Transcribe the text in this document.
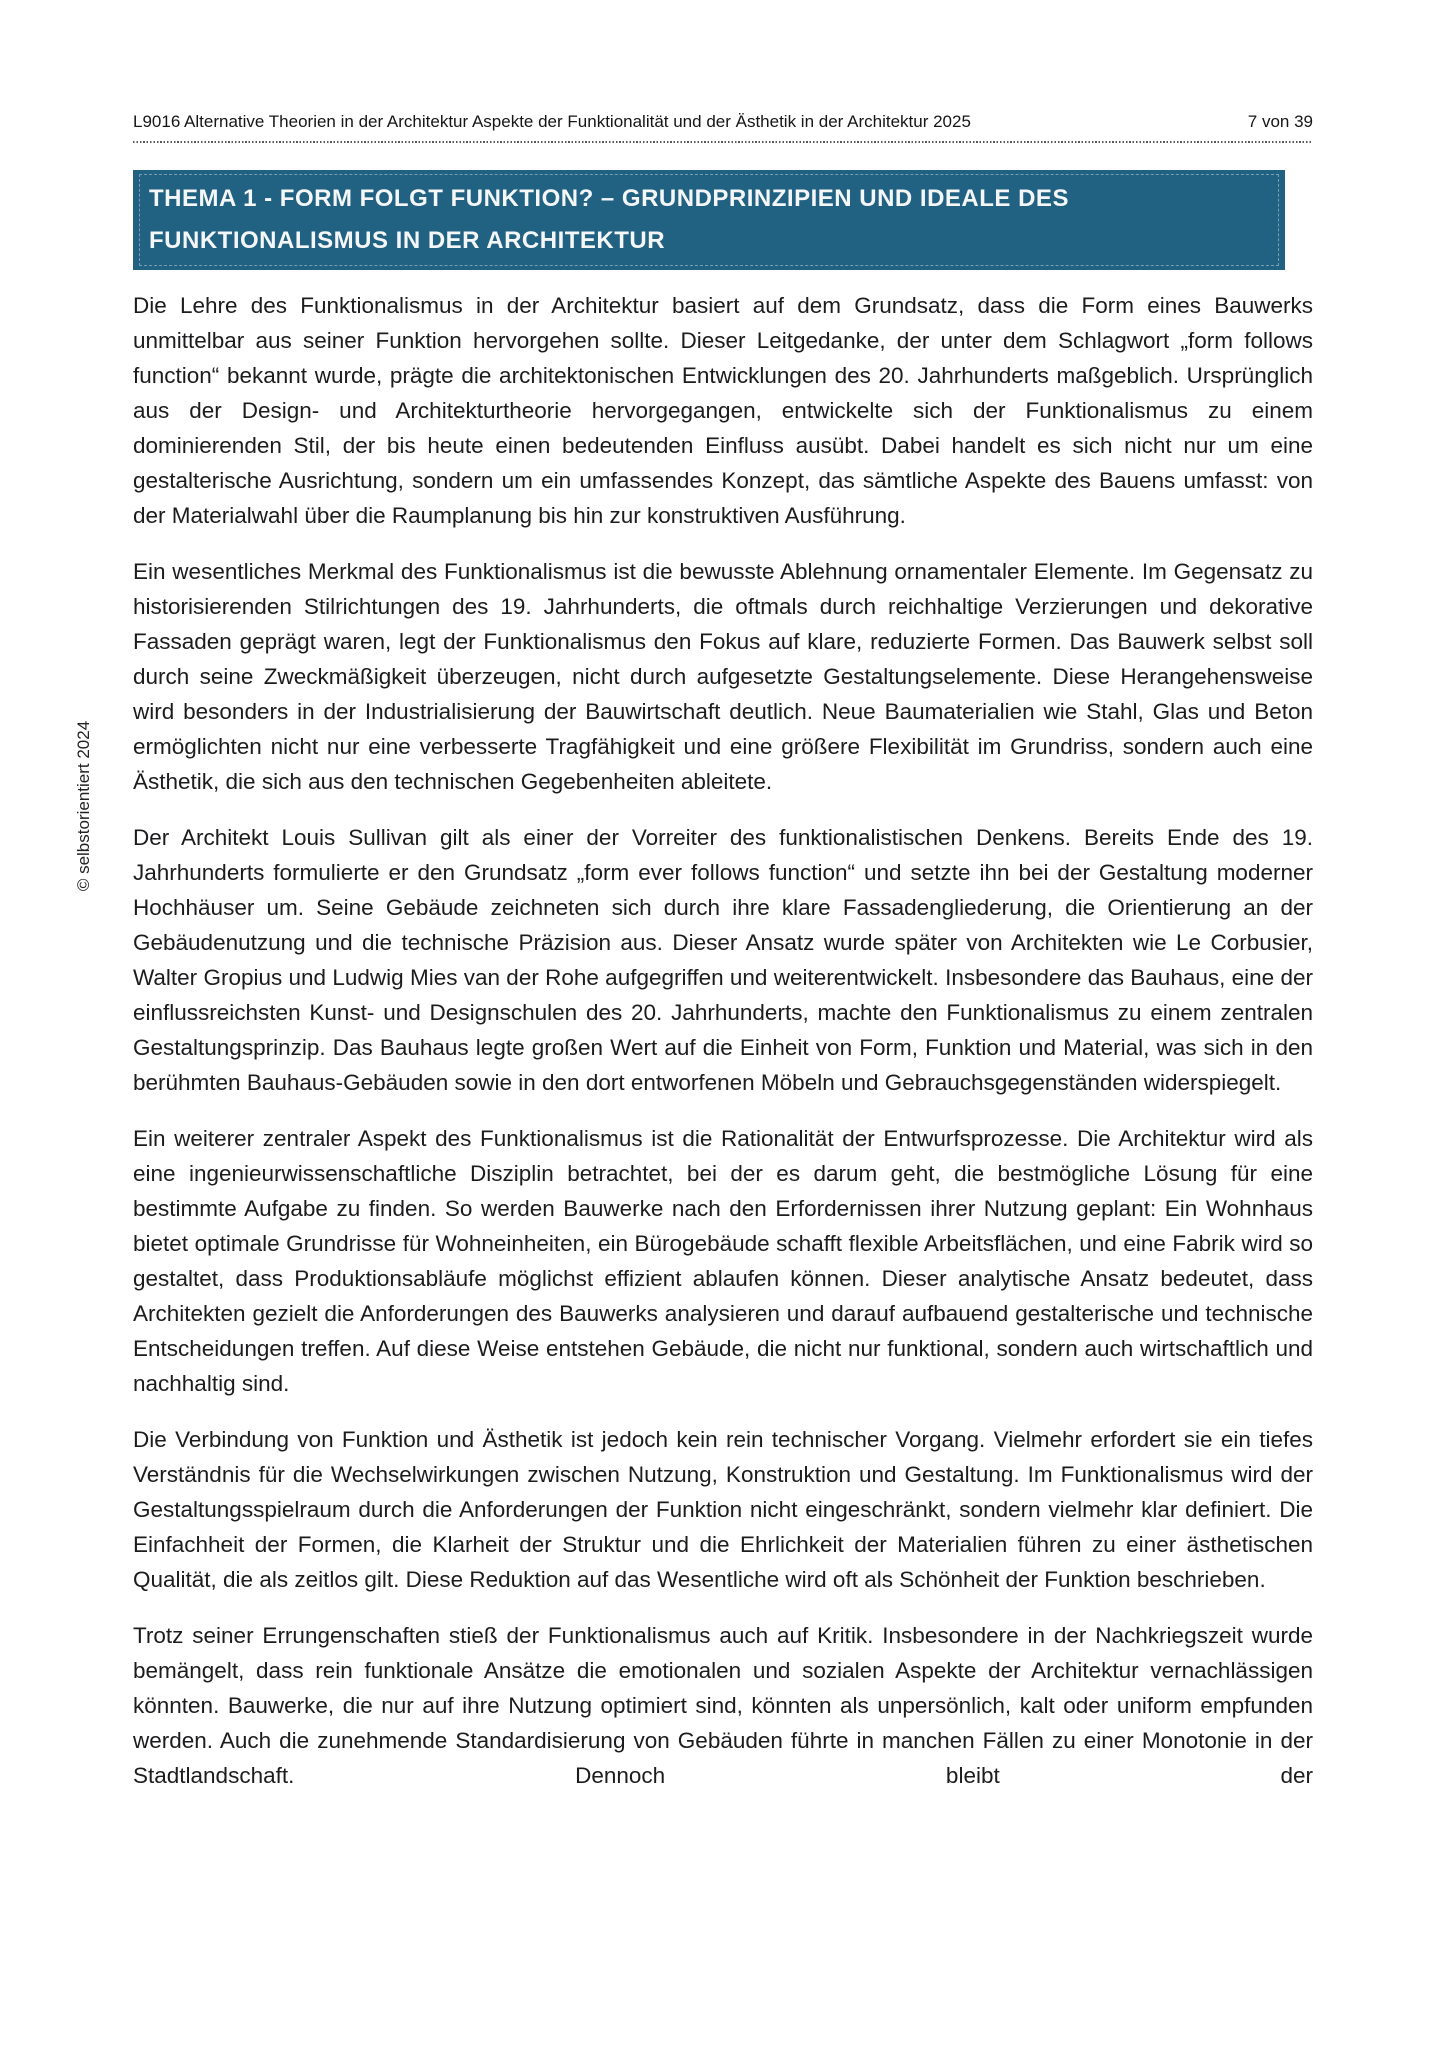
© selbstorientiert 2024
L9016 Alternative Theorien in der Architektur Aspekte der Funktionalität und der Ästhetik in der Architektur 2025	7 von 39
THEMA 1 - FORM FOLGT FUNKTION? – GRUNDPRINZIPIEN UND IDEALE DES FUNKTIONALISMUS IN DER ARCHITEKTUR

Die Lehre des Funktionalismus in der Architektur basiert auf dem Grundsatz, dass die Form eines Bauwerks unmittelbar aus seiner Funktion hervorgehen sollte. Dieser Leitgedanke, der unter dem Schlagwort „form follows function“ bekannt wurde, prägte die architektonischen Entwicklungen des 20. Jahrhunderts maßgeblich. Ursprünglich aus der Design- und Architekturtheorie hervorgegangen, entwickelte sich der Funktionalismus zu einem dominierenden Stil, der bis heute einen bedeutenden Einfluss ausübt. Dabei handelt es sich nicht nur um eine gestalterische Ausrichtung, sondern um ein umfassendes Konzept, das sämtliche Aspekte des Bauens umfasst: von der Materialwahl über die Raumplanung bis hin zur konstruktiven Ausführung.

Ein wesentliches Merkmal des Funktionalismus ist die bewusste Ablehnung ornamentaler Elemente. Im Gegensatz zu historisierenden Stilrichtungen des 19. Jahrhunderts, die oftmals durch reichhaltige Verzierungen und dekorative Fassaden geprägt waren, legt der Funktionalismus den Fokus auf klare, reduzierte Formen. Das Bauwerk selbst soll durch seine Zweckmäßigkeit überzeugen, nicht durch aufgesetzte Gestaltungselemente. Diese Herangehensweise wird besonders in der Industrialisierung der Bauwirtschaft deutlich. Neue Baumaterialien wie Stahl, Glas und Beton ermöglichten nicht nur eine verbesserte Tragfähigkeit und eine größere Flexibilität im Grundriss, sondern auch eine Ästhetik, die sich aus den technischen Gegebenheiten ableitete.

Der Architekt Louis Sullivan gilt als einer der Vorreiter des funktionalistischen Denkens. Bereits Ende des 19. Jahrhunderts formulierte er den Grundsatz „form ever follows function“ und setzte ihn bei der Gestaltung moderner Hochhäuser um. Seine Gebäude zeichneten sich durch ihre klare Fassadengliederung, die Orientierung an der Gebäudenutzung und die technische Präzision aus. Dieser Ansatz wurde später von Architekten wie Le Corbusier, Walter Gropius und Ludwig Mies van der Rohe aufgegriffen und weiterentwickelt. Insbesondere das Bauhaus, eine der einflussreichsten Kunst- und Designschulen des 20. Jahrhunderts, machte den Funktionalismus zu einem zentralen Gestaltungsprinzip. Das Bauhaus legte großen Wert auf die Einheit von Form, Funktion und Material, was sich in den berühmten Bauhaus-Gebäuden sowie in den dort entworfenen Möbeln und Gebrauchsgegenständen widerspiegelt.

Ein weiterer zentraler Aspekt des Funktionalismus ist die Rationalität der Entwurfsprozesse. Die Architektur wird als eine ingenieurwissenschaftliche Disziplin betrachtet, bei der es darum geht, die bestmögliche Lösung für eine bestimmte Aufgabe zu finden. So werden Bauwerke nach den Erfordernissen ihrer Nutzung geplant: Ein Wohnhaus bietet optimale Grundrisse für Wohneinheiten, ein Bürogebäude schafft flexible Arbeitsflächen, und eine Fabrik wird so gestaltet, dass Produktionsabläufe möglichst effizient ablaufen können. Dieser analytische Ansatz bedeutet, dass Architekten gezielt die Anforderungen des Bauwerks analysieren und darauf aufbauend gestalterische und technische Entscheidungen treffen. Auf diese Weise entstehen Gebäude, die nicht nur funktional, sondern auch wirtschaftlich und nachhaltig sind.

Die Verbindung von Funktion und Ästhetik ist jedoch kein rein technischer Vorgang. Vielmehr erfordert sie ein tiefes Verständnis für die Wechselwirkungen zwischen Nutzung, Konstruktion und Gestaltung. Im Funktionalismus wird der Gestaltungsspielraum durch die Anforderungen der Funktion nicht eingeschränkt, sondern vielmehr klar definiert. Die Einfachheit der Formen, die Klarheit der Struktur und die Ehrlichkeit der Materialien führen zu einer ästhetischen Qualität, die als zeitlos gilt. Diese Reduktion auf das Wesentliche wird oft als Schönheit der Funktion beschrieben.

Trotz seiner Errungenschaften stieß der Funktionalismus auch auf Kritik. Insbesondere in der Nachkriegszeit wurde bemängelt, dass rein funktionale Ansätze die emotionalen und sozialen Aspekte der Architektur vernachlässigen könnten. Bauwerke, die nur auf ihre Nutzung optimiert sind, könnten als unpersönlich, kalt oder uniform empfunden werden. Auch die zunehmende Standardisierung von Gebäuden führte in manchen Fällen zu einer Monotonie in der Stadtlandschaft. Dennoch bleibt der
